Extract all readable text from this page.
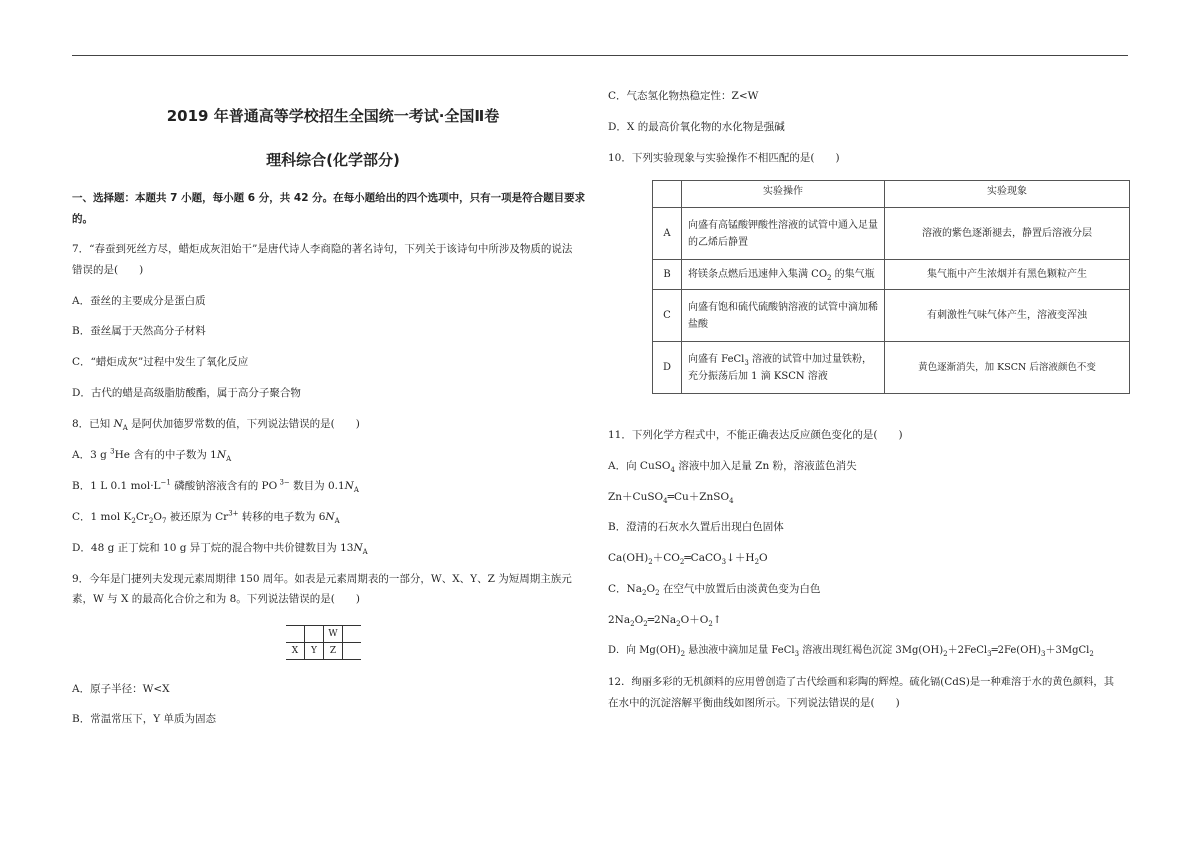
2019 年普通高等学校招生全国统一考试·全国Ⅱ卷
理科综合(化学部分)
一、选择题：本题共 7 小题，每小题 6 分，共 42 分。在每小题给出的四个选项中，只有一项是符合题目要求
的。
7．“春蚕到死丝方尽，蜡炬成灰泪始干”是唐代诗人李商隐的著名诗句，下列关于该诗句中所涉及物质的说法
错误的是(　　)
A．蚕丝的主要成分是蛋白质
B．蚕丝属于天然高分子材料
C．“蜡炬成灰”过程中发生了氧化反应
D．古代的蜡是高级脂肪酸酯，属于高分子聚合物
8．已知 $N_A$ 是阿伏加德罗常数的值，下列说法错误的是(　　)
A．3 g $^3$He 含有的中子数为 $1N_A$
B．1 L 0.1 $mol\cdot L^{-1}$ 磷酸钠溶液含有的 PO $^{3-}$ 数目为 $0.1N_A$
C．1 mol $K_2Cr_2O_7$ 被还原为 $Cr^{3+}$ 转移的电子数为 $6N_A$
D．48 g 正丁烷和 10 g 异丁烷的混合物中共价键数目为 $13N_A$
9．今年是门捷列夫发现元素周期律 150 周年。如表是元素周期表的一部分，W、X、Y、Z 为短周期主族元
素，W 与 X 的最高化合价之和为 8。下列说法错误的是(　　)
		W	
X	Y	Z	
A．原子半径：W<X
B．常温常压下，Y 单质为固态
C．气态氢化物热稳定性：Z<W
D．X 的最高价氧化物的水化物是强碱
10．下列实验现象与实验操作不相匹配的是(　　)
	实验操作	实验现象
A	向盛有高锰酸钾酸性溶液的试管中通入足量的乙烯后静置	溶液的紫色逐渐褪去，静置后溶液分层
B	将镁条点燃后迅速伸入集满 $CO_2$ 的集气瓶	集气瓶中产生浓烟并有黑色颗粒产生
C	向盛有饱和硫代硫酸钠溶液的试管中滴加稀盐酸	有刺激性气味气体产生，溶液变浑浊
D	向盛有 FeCl$_3$ 溶液的试管中加过量铁粉，充分振荡后加 1 滴 KSCN 溶液	黄色逐渐消失，加 KSCN 后溶液颜色不变
11．下列化学方程式中，不能正确表达反应颜色变化的是(　　)
A．向 CuSO$_4$ 溶液中加入足量 Zn 粉，溶液蓝色消失
Zn＋CuSO$_4$═Cu＋ZnSO$_4$
B．澄清的石灰水久置后出现白色固体
$Ca(OH)_2+CO_2═CaCO_3↓+H_2O$
C．$Na_2O_2$ 在空气中放置后由淡黄色变为白色
$2Na_2O_2═2Na_2O+O_2↑$
D．向 $Mg(OH)_2$ 悬浊液中滴加足量 FeCl$_3$ 溶液出现红褐色沉淀 $3Mg(OH)_2+2FeCl_3═2Fe(OH)_3+3MgCl_2$
12．绚丽多彩的无机颜料的应用曾创造了古代绘画和彩陶的辉煌。硫化镉(CdS)是一种难溶于水的黄色颜料，其
在水中的沉淀溶解平衡曲线如图所示。下列说法错误的是(　　)
